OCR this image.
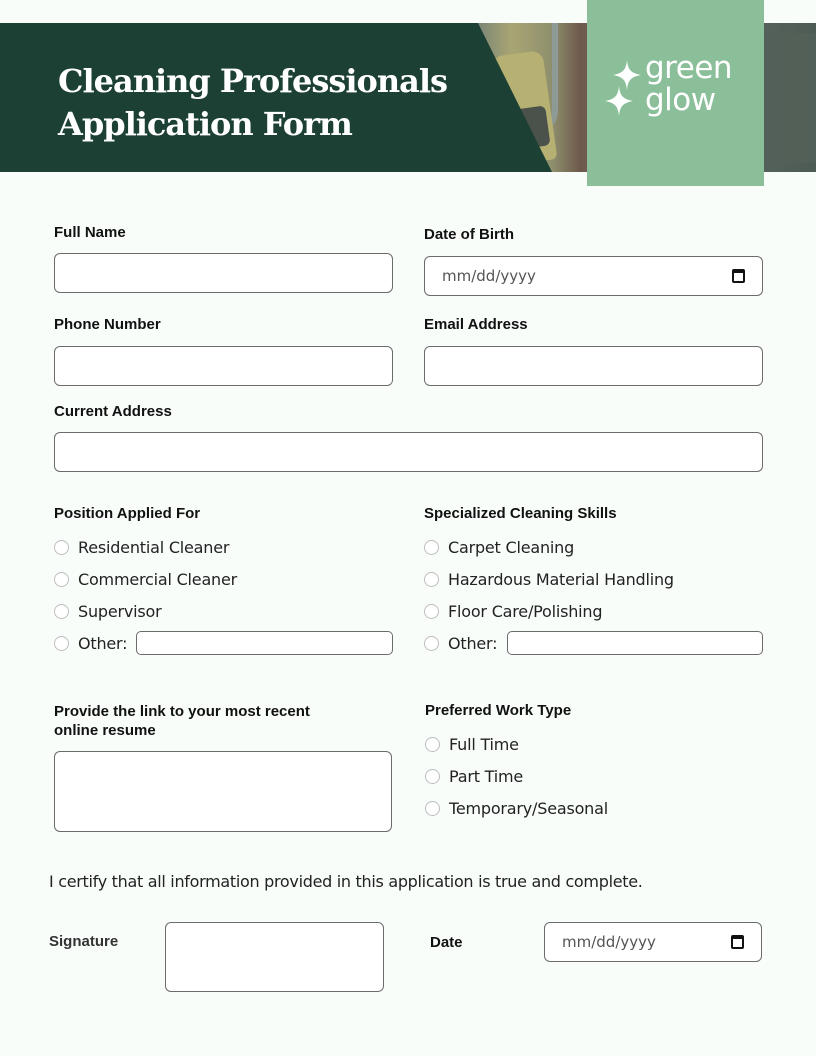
Cleaning Professionals
Application Form
green
glow
Full Name	Date of Birth
mm/dd/yyyy
Phone Number	Email Address
Current Address
Position Applied For
Residential Cleaner
Commercial Cleaner
Supervisor
Other:
Specialized Cleaning Skills
Carpet Cleaning
Hazardous Material Handling
Floor Care/Polishing
Other:
Provide the link to your most recent
online resume
Preferred Work Type
Full Time
Part Time
Temporary/Seasonal

I certify that all information provided in this application is true and complete.

Signature	Date	mm/dd/yyyy
